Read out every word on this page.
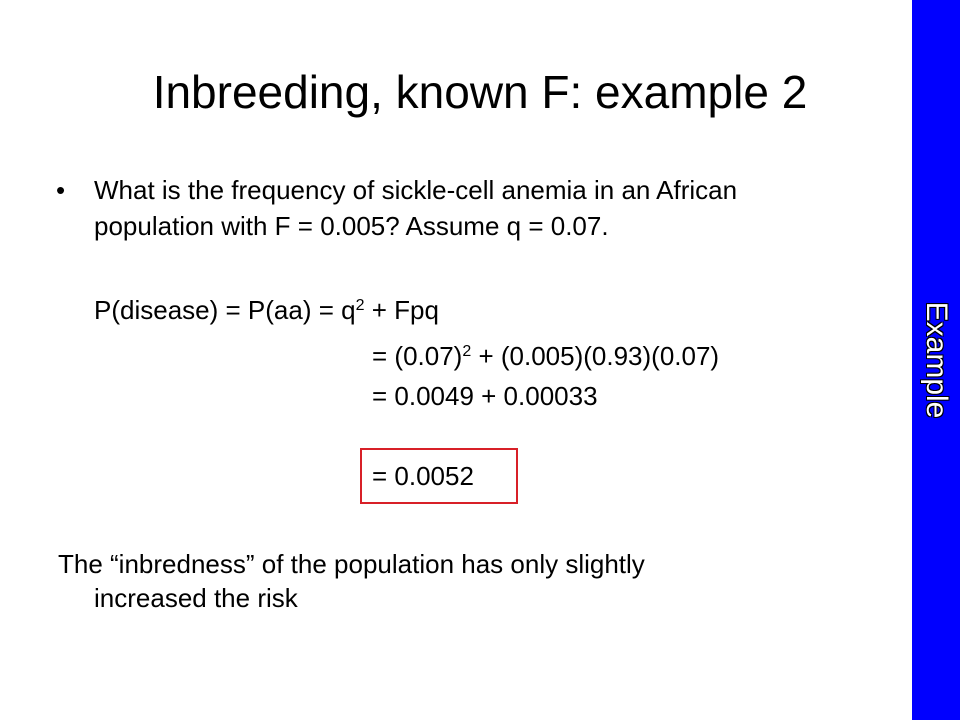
Inbreeding, known F: example 2
• What is the frequency of sickle-cell anemia in an African
population with F = 0.005? Assume q = 0.07.
P(disease) = $P(aa) = q^2$ + Fpq
= $(0.07)^2 + (0.005)(0.93)(0.07)$
= 0.0049 + 0.00033
= 0.0052
The “inbredness” of the population has only slightly
increased the risk
Example
